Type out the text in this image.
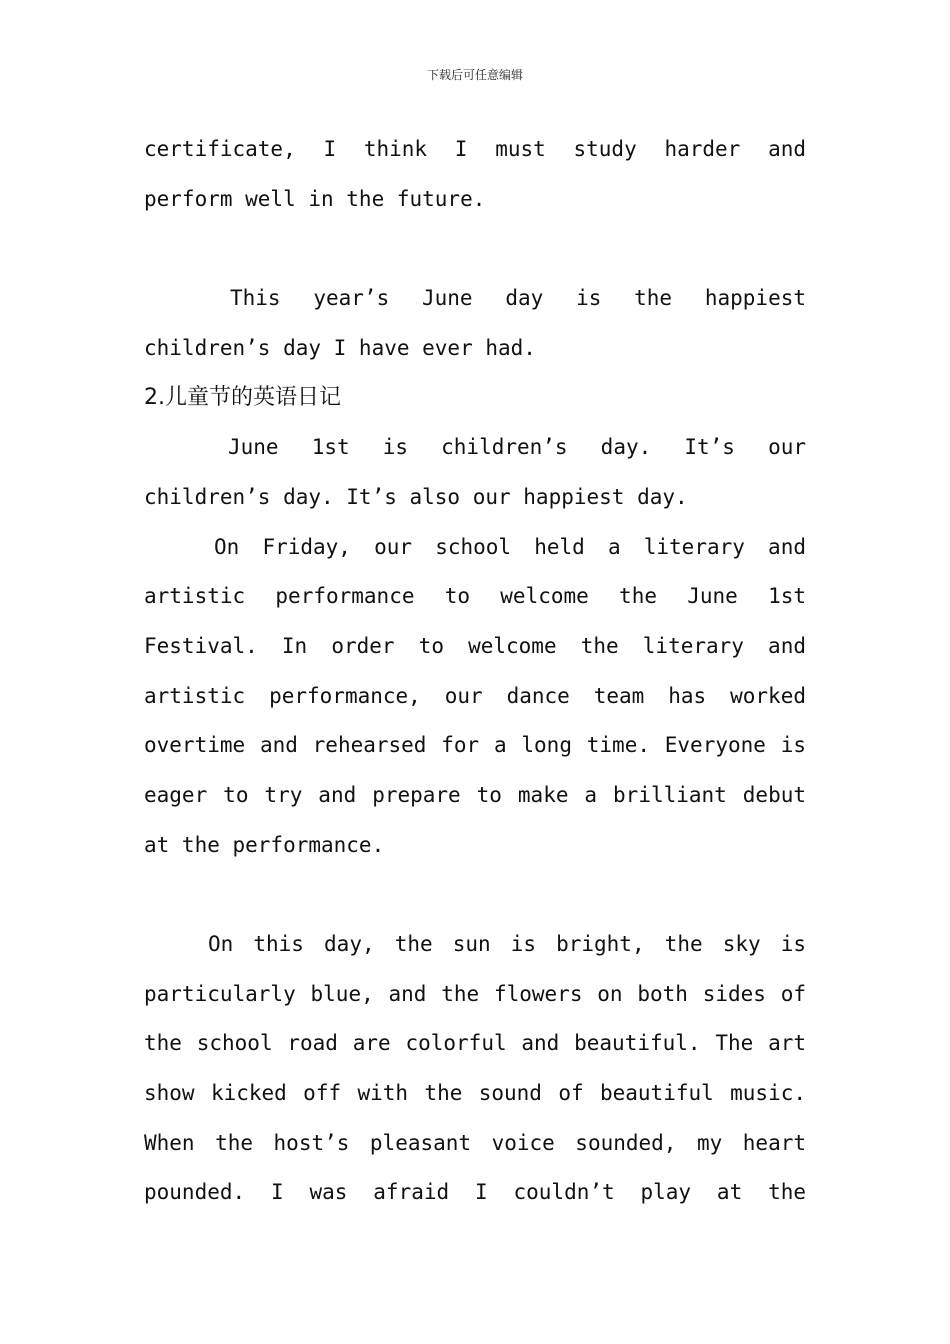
下载后可任意编辑
certificate, I think I must study harder and
perform well in the future.
This year’s June day is the happiest
children’s day I have ever had.
2.儿童节的英语日记
June 1st is children’s day. It’s our
children’s day. It’s also our happiest day.
On Friday, our school held a literary and
artistic performance to welcome the June 1st
Festival. In order to welcome the literary and
artistic performance, our dance team has worked
overtime and rehearsed for a long time. Everyone is
eager to try and prepare to make a brilliant debut
at the performance.
On this day, the sun is bright, the sky is
particularly blue, and the flowers on both sides of
the school road are colorful and beautiful. The art
show kicked off with the sound of beautiful music.
When the host’s pleasant voice sounded, my heart
pounded. I was afraid I couldn’t play at the
